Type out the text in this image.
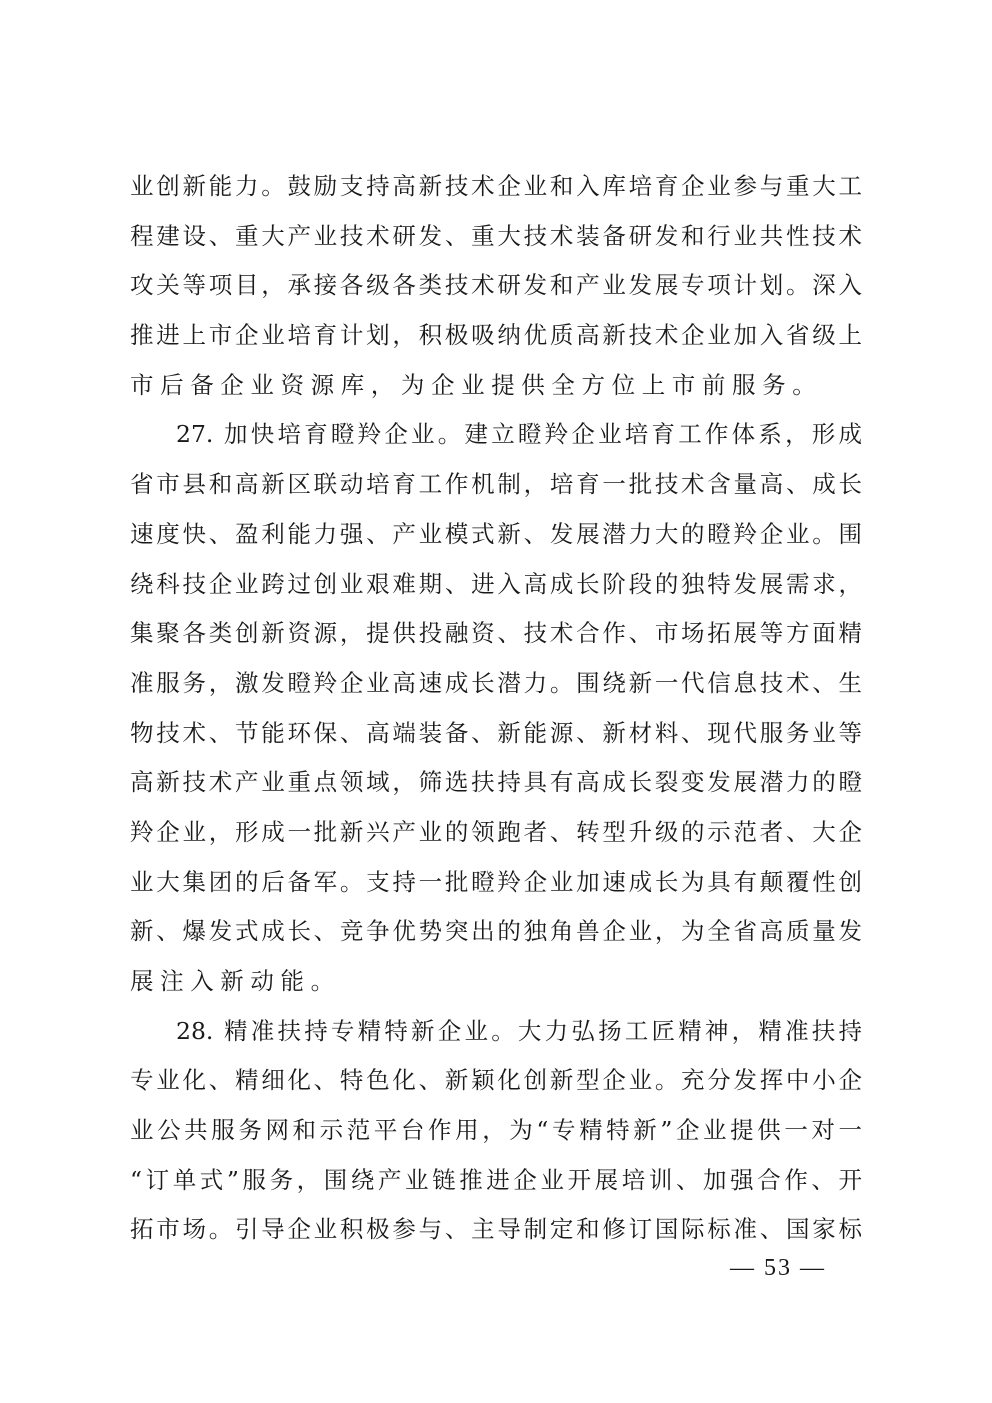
业创新能力。鼓励支持高新技术企业和入库培育企业参与重大工
程建设、重大产业技术研发、重大技术装备研发和行业共性技术
攻关等项目，承接各级各类技术研发和产业发展专项计划。深入
推进上市企业培育计划，积极吸纳优质高新技术企业加入省级上
市后备企业资源库，为企业提供全方位上市前服务。
27. 加快培育瞪羚企业。建立瞪羚企业培育工作体系，形成
省市县和高新区联动培育工作机制，培育一批技术含量高、成长
速度快、盈利能力强、产业模式新、发展潜力大的瞪羚企业。围
绕科技企业跨过创业艰难期、进入高成长阶段的独特发展需求，
集聚各类创新资源，提供投融资、技术合作、市场拓展等方面精
准服务，激发瞪羚企业高速成长潜力。围绕新一代信息技术、生
物技术、节能环保、高端装备、新能源、新材料、现代服务业等
高新技术产业重点领域，筛选扶持具有高成长裂变发展潜力的瞪
羚企业，形成一批新兴产业的领跑者、转型升级的示范者、大企
业大集团的后备军。支持一批瞪羚企业加速成长为具有颠覆性创
新、爆发式成长、竞争优势突出的独角兽企业，为全省高质量发
展注入新动能。
28. 精准扶持专精特新企业。大力弘扬工匠精神，精准扶持
专业化、精细化、特色化、新颖化创新型企业。充分发挥中小企
业公共服务网和示范平台作用，为“专精特新”企业提供一对一
“订单式”服务，围绕产业链推进企业开展培训、加强合作、开
拓市场。引导企业积极参与、主导制定和修订国际标准、国家标
— 53 —
